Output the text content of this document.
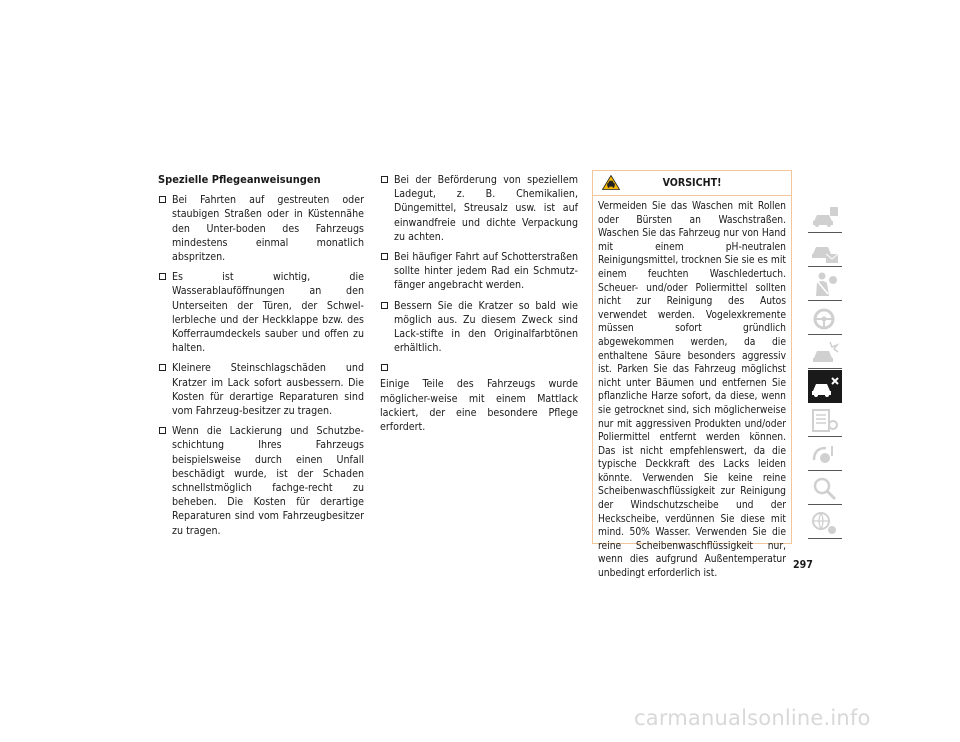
Spezielle Pflegeanweisungen
Bei Fahrten auf gestreuten oder staubigen Straßen oder in Küstennähe den Unter-boden des Fahrzeugs mindestens einmal monatlich abspritzen.
Es ist wichtig, die Wasserablauföffnungen an den Unterseiten der Türen, der Schwel-lerbleche und der Heckklappe bzw. des Kofferraumdeckels sauber und offen zu halten.
Kleinere Steinschlagschäden und Kratzer im Lack sofort ausbessern. Die Kosten für derartige Reparaturen sind vom Fahrzeug-besitzer zu tragen.
Wenn die Lackierung und Schutzbe-schichtung Ihres Fahrzeugs beispielsweise durch einen Unfall beschädigt wurde, ist der Schaden schnellstmöglich fachge-recht zu beheben. Die Kosten für derartige Reparaturen sind vom Fahrzeugbesitzer zu tragen.
Bei der Beförderung von speziellem Ladegut, z. B. Chemikalien, Düngemittel, Streusalz usw. ist auf einwandfreie und dichte Verpackung zu achten.
Bei häufiger Fahrt auf Schotterstraßen sollte hinter jedem Rad ein Schmutz-fänger angebracht werden.
Bessern Sie die Kratzer so bald wie möglich aus. Zu diesem Zweck sind Lack-stifte in den Originalfarbtönen erhältlich.
Einige Teile des Fahrzeugs wurde möglicher-weise mit einem Mattlack lackiert, der eine besondere Pflege erfordert.
VORSICHT!
Vermeiden Sie das Waschen mit Rollen oder Bürsten an Waschstraßen. Waschen Sie das Fahrzeug nur von Hand mit einem pH-neutralen Reinigungsmittel, trocknen Sie sie es mit einem feuchten Waschledertuch. Scheuer- und/oder Poliermittel sollten nicht zur Reinigung des Autos verwendet werden. Vogelexkremente müssen sofort gründlich abgewekommen werden, da die enthaltene Säure besonders aggressiv ist. Parken Sie das Fahrzeug möglichst nicht unter Bäumen und entfernen Sie pflanzliche Harze sofort, da diese, wenn sie getrocknet sind, sich möglicherweise nur mit aggressiven Produkten und/oder Poliermittel entfernt werden können. Das ist nicht empfehlenswert, da die typische Deckkraft des Lacks leiden könnte. Verwenden Sie keine reine Scheibenwaschflüssigkeit zur Reinigung der Windschutzscheibe und der Heckscheibe, verdünnen Sie diese mit mind. 50% Wasser. Verwenden Sie die reine Scheibenwaschflüssigkeit nur, wenn dies aufgrund Außentemperatur unbedingt erforderlich ist.
297
carmanualsonline.info
